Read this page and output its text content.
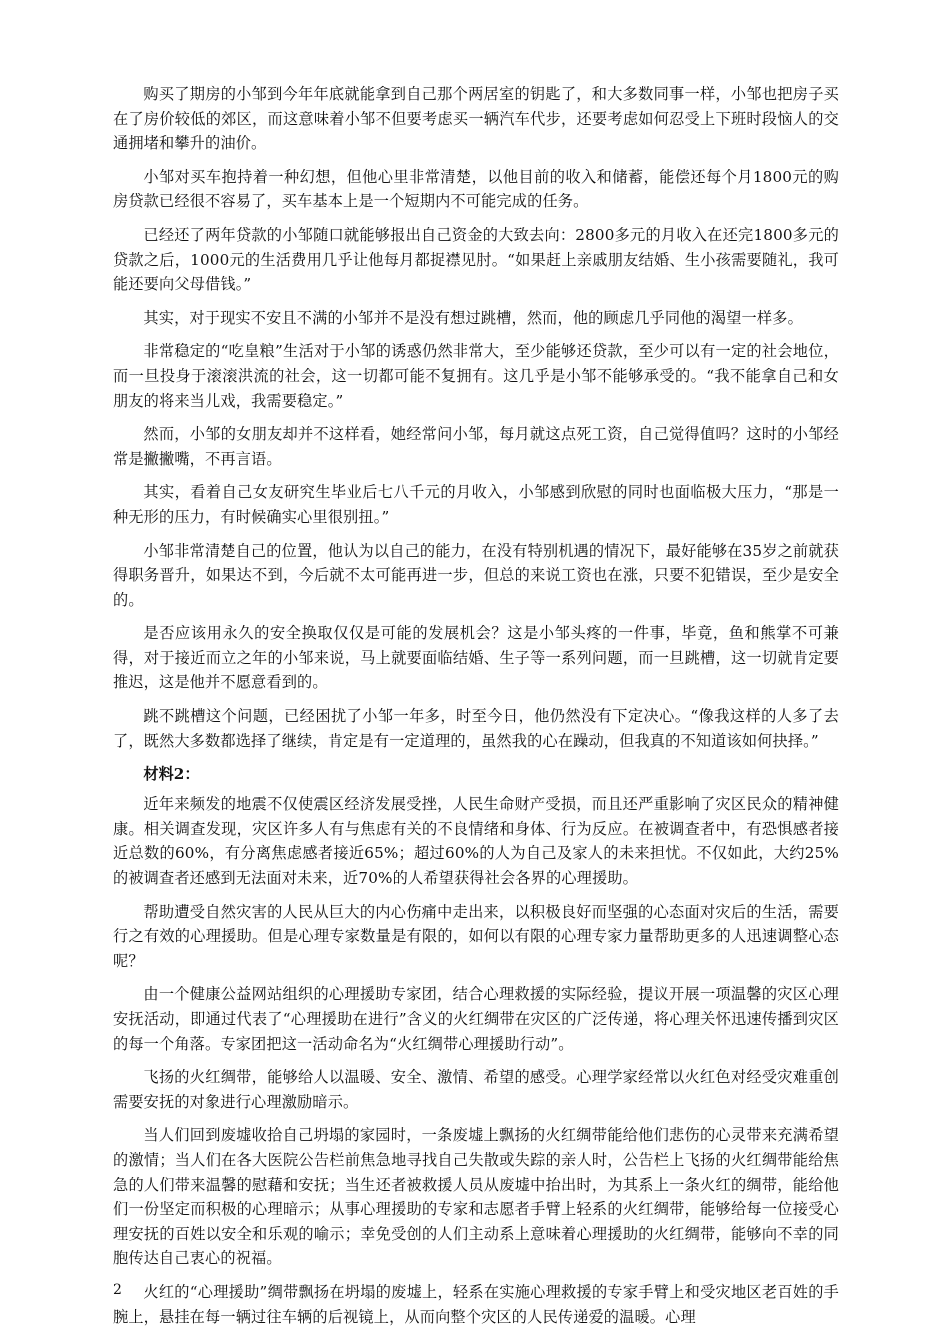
购买了期房的小邹到今年年底就能拿到自己那个两居室的钥匙了，和大多数同事一样，小邹也把房子买在了房价较低的郊区，而这意味着小邹不但要考虑买一辆汽车代步，还要考虑如何忍受上下班时段恼人的交通拥堵和攀升的油价。

小邹对买车抱持着一种幻想，但他心里非常清楚，以他目前的收入和储蓄，能偿还每个月1800元的购房贷款已经很不容易了，买车基本上是一个短期内不可能完成的任务。

已经还了两年贷款的小邹随口就能够报出自己资金的大致去向：2800多元的月收入在还完1800多元的贷款之后，1000元的生活费用几乎让他每月都捉襟见肘。“如果赶上亲戚朋友结婚、生小孩需要随礼，我可能还要向父母借钱。”

其实，对于现实不安且不满的小邹并不是没有想过跳槽，然而，他的顾虑几乎同他的渴望一样多。

非常稳定的“吃皇粮”生活对于小邹的诱惑仍然非常大，至少能够还贷款，至少可以有一定的社会地位，而一旦投身于滚滚洪流的社会，这一切都可能不复拥有。这几乎是小邹不能够承受的。“我不能拿自己和女朋友的将来当儿戏，我需要稳定。”

然而，小邹的女朋友却并不这样看，她经常问小邹，每月就这点死工资，自己觉得值吗？这时的小邹经常是撇撇嘴，不再言语。

其实，看着自己女友研究生毕业后七八千元的月收入，小邹感到欣慰的同时也面临极大压力，“那是一种无形的压力，有时候确实心里很别扭。”

小邹非常清楚自己的位置，他认为以自己的能力，在没有特别机遇的情况下，最好能够在35岁之前就获得职务晋升，如果达不到，今后就不太可能再进一步，但总的来说工资也在涨，只要不犯错误，至少是安全的。

是否应该用永久的安全换取仅仅是可能的发展机会？这是小邹头疼的一件事，毕竟，鱼和熊掌不可兼得，对于接近而立之年的小邹来说，马上就要面临结婚、生子等一系列问题，而一旦跳槽，这一切就肯定要推迟，这是他并不愿意看到的。

跳不跳槽这个问题，已经困扰了小邹一年多，时至今日，他仍然没有下定决心。“像我这样的人多了去了，既然大多数都选择了继续，肯定是有一定道理的，虽然我的心在躁动，但我真的不知道该如何抉择。”

材料2：

近年来频发的地震不仅使震区经济发展受挫，人民生命财产受损，而且还严重影响了灾区民众的精神健康。相关调查发现，灾区许多人有与焦虑有关的不良情绪和身体、行为反应。在被调查者中，有恐惧感者接近总数的60%，有分离焦虑感者接近65%；超过60%的人为自己及家人的未来担忧。不仅如此，大约25%的被调查者还感到无法面对未来，近70%的人希望获得社会各界的心理援助。

帮助遭受自然灾害的人民从巨大的内心伤痛中走出来，以积极良好而坚强的心态面对灾后的生活，需要行之有效的心理援助。但是心理专家数量是有限的，如何以有限的心理专家力量帮助更多的人迅速调整心态呢？

由一个健康公益网站组织的心理援助专家团，结合心理救援的实际经验，提议开展一项温馨的灾区心理安抚活动，即通过代表了“心理援助在进行”含义的火红绸带在灾区的广泛传递，将心理关怀迅速传播到灾区的每一个角落。专家团把这一活动命名为“火红绸带心理援助行动”。

飞扬的火红绸带，能够给人以温暖、安全、激情、希望的感受。心理学家经常以火红色对经受灾难重创需要安抚的对象进行心理激励暗示。

当人们回到废墟收拾自己坍塌的家园时，一条废墟上飘扬的火红绸带能给他们悲伤的心灵带来充满希望的激情；当人们在各大医院公告栏前焦急地寻找自己失散或失踪的亲人时，公告栏上飞扬的火红绸带能给焦急的人们带来温馨的慰藉和安抚；当生还者被救援人员从废墟中抬出时，为其系上一条火红的绸带，能给他们一份坚定而积极的心理暗示；从事心理援助的专家和志愿者手臂上轻系的火红绸带，能够给每一位接受心理安抚的百姓以安全和乐观的喻示；幸免受创的人们主动系上意味着心理援助的火红绸带，能够向不幸的同胞传达自己衷心的祝福。

火红的“心理援助”绸带飘扬在坍塌的废墟上，轻系在实施心理救援的专家手臂上和受灾地区老百姓的手腕上，悬挂在每一辆过往车辆的后视镜上，从而向整个灾区的人民传递爱的温暖。心理

2
